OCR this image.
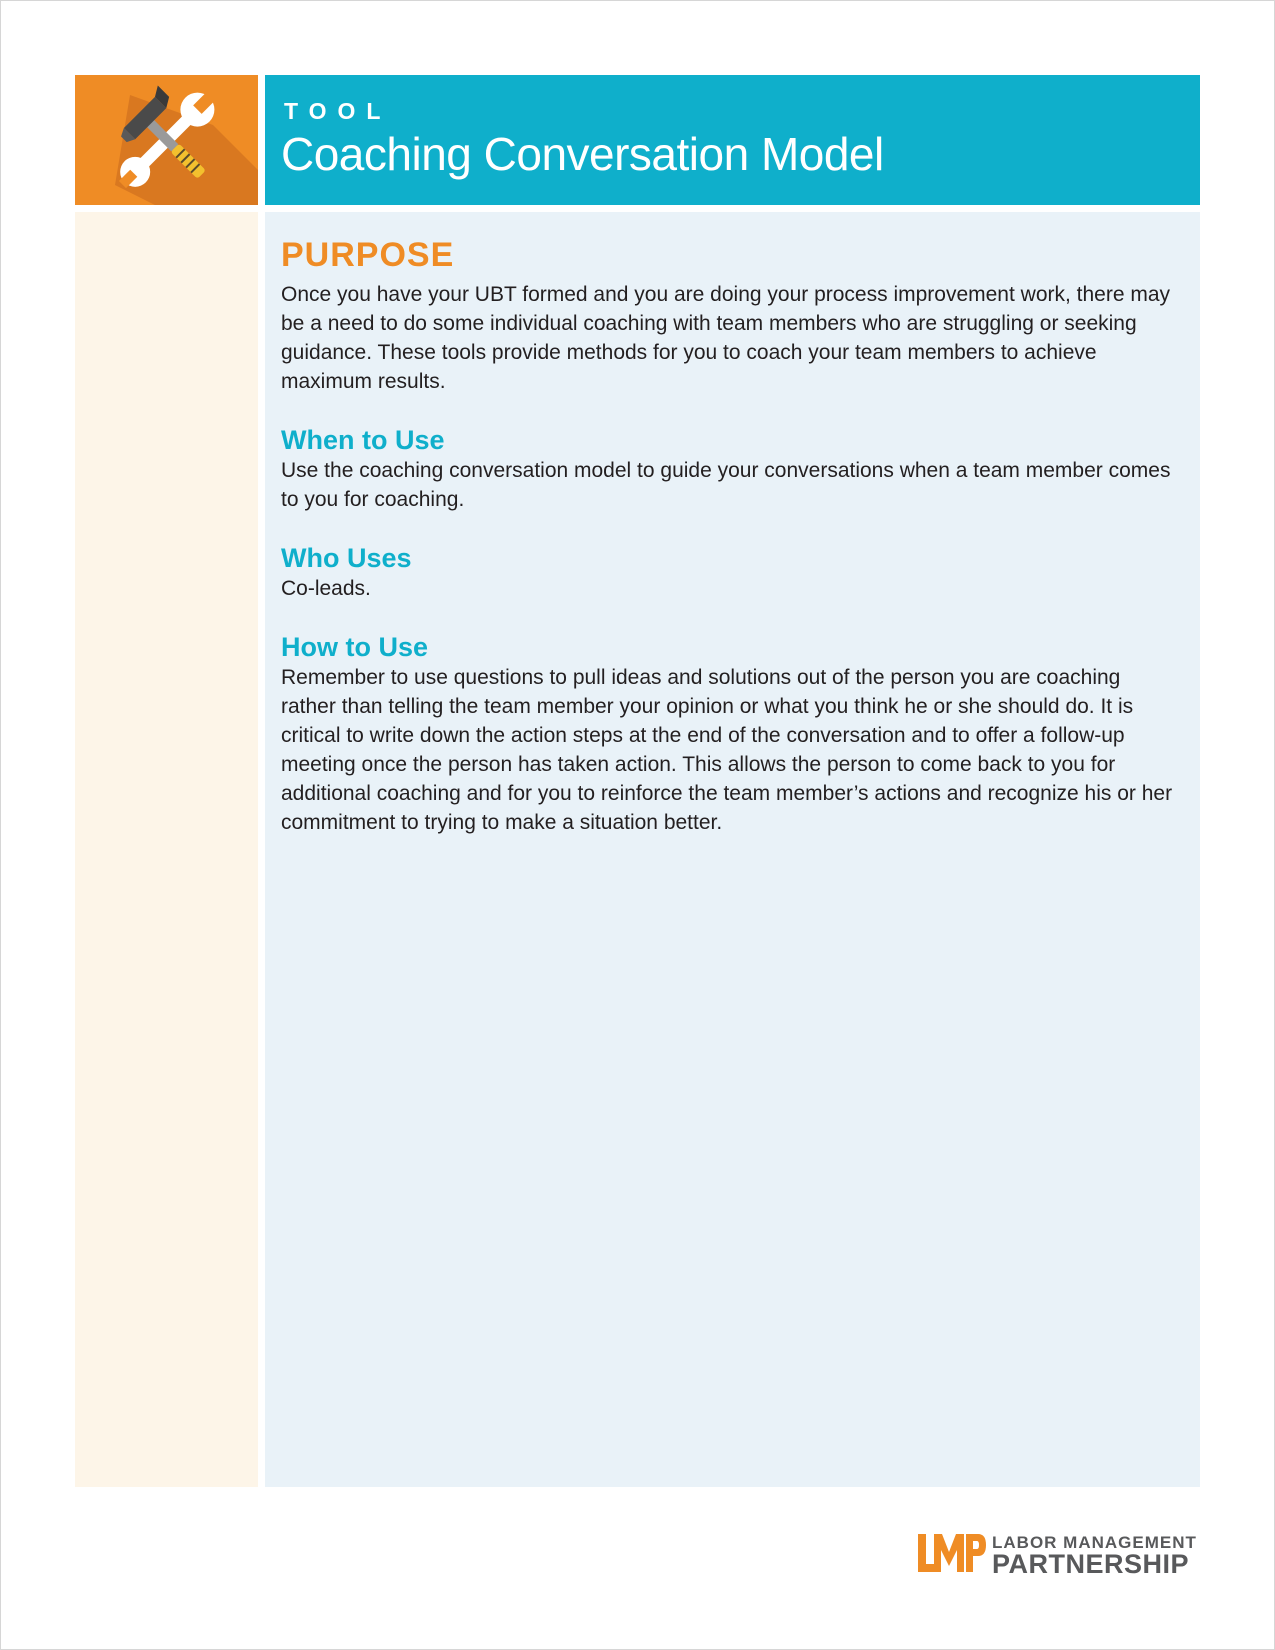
TOOL
Coaching Conversation Model
PURPOSE

Once you have your UBT formed and you are doing your process improvement work, there may be a need to do some individual coaching with team members who are struggling or seeking guidance. These tools provide methods for you to coach your team members to achieve maximum results.

When to Use

Use the coaching conversation model to guide your conversations when a team member comes to you for coaching.

Who Uses

Co-leads.

How to Use

Remember to use questions to pull ideas and solutions out of the person you are coaching rather than telling the team member your opinion or what you think he or she should do. It is critical to write down the action steps at the end of the conversation and to offer a follow-up meeting once the person has taken action. This allows the person to come back to you for additional coaching and for you to reinforce the team member’s actions and recognize his or her commitment to trying to make a situation better.

LABOR MANAGEMENT
PARTNERSHIP
